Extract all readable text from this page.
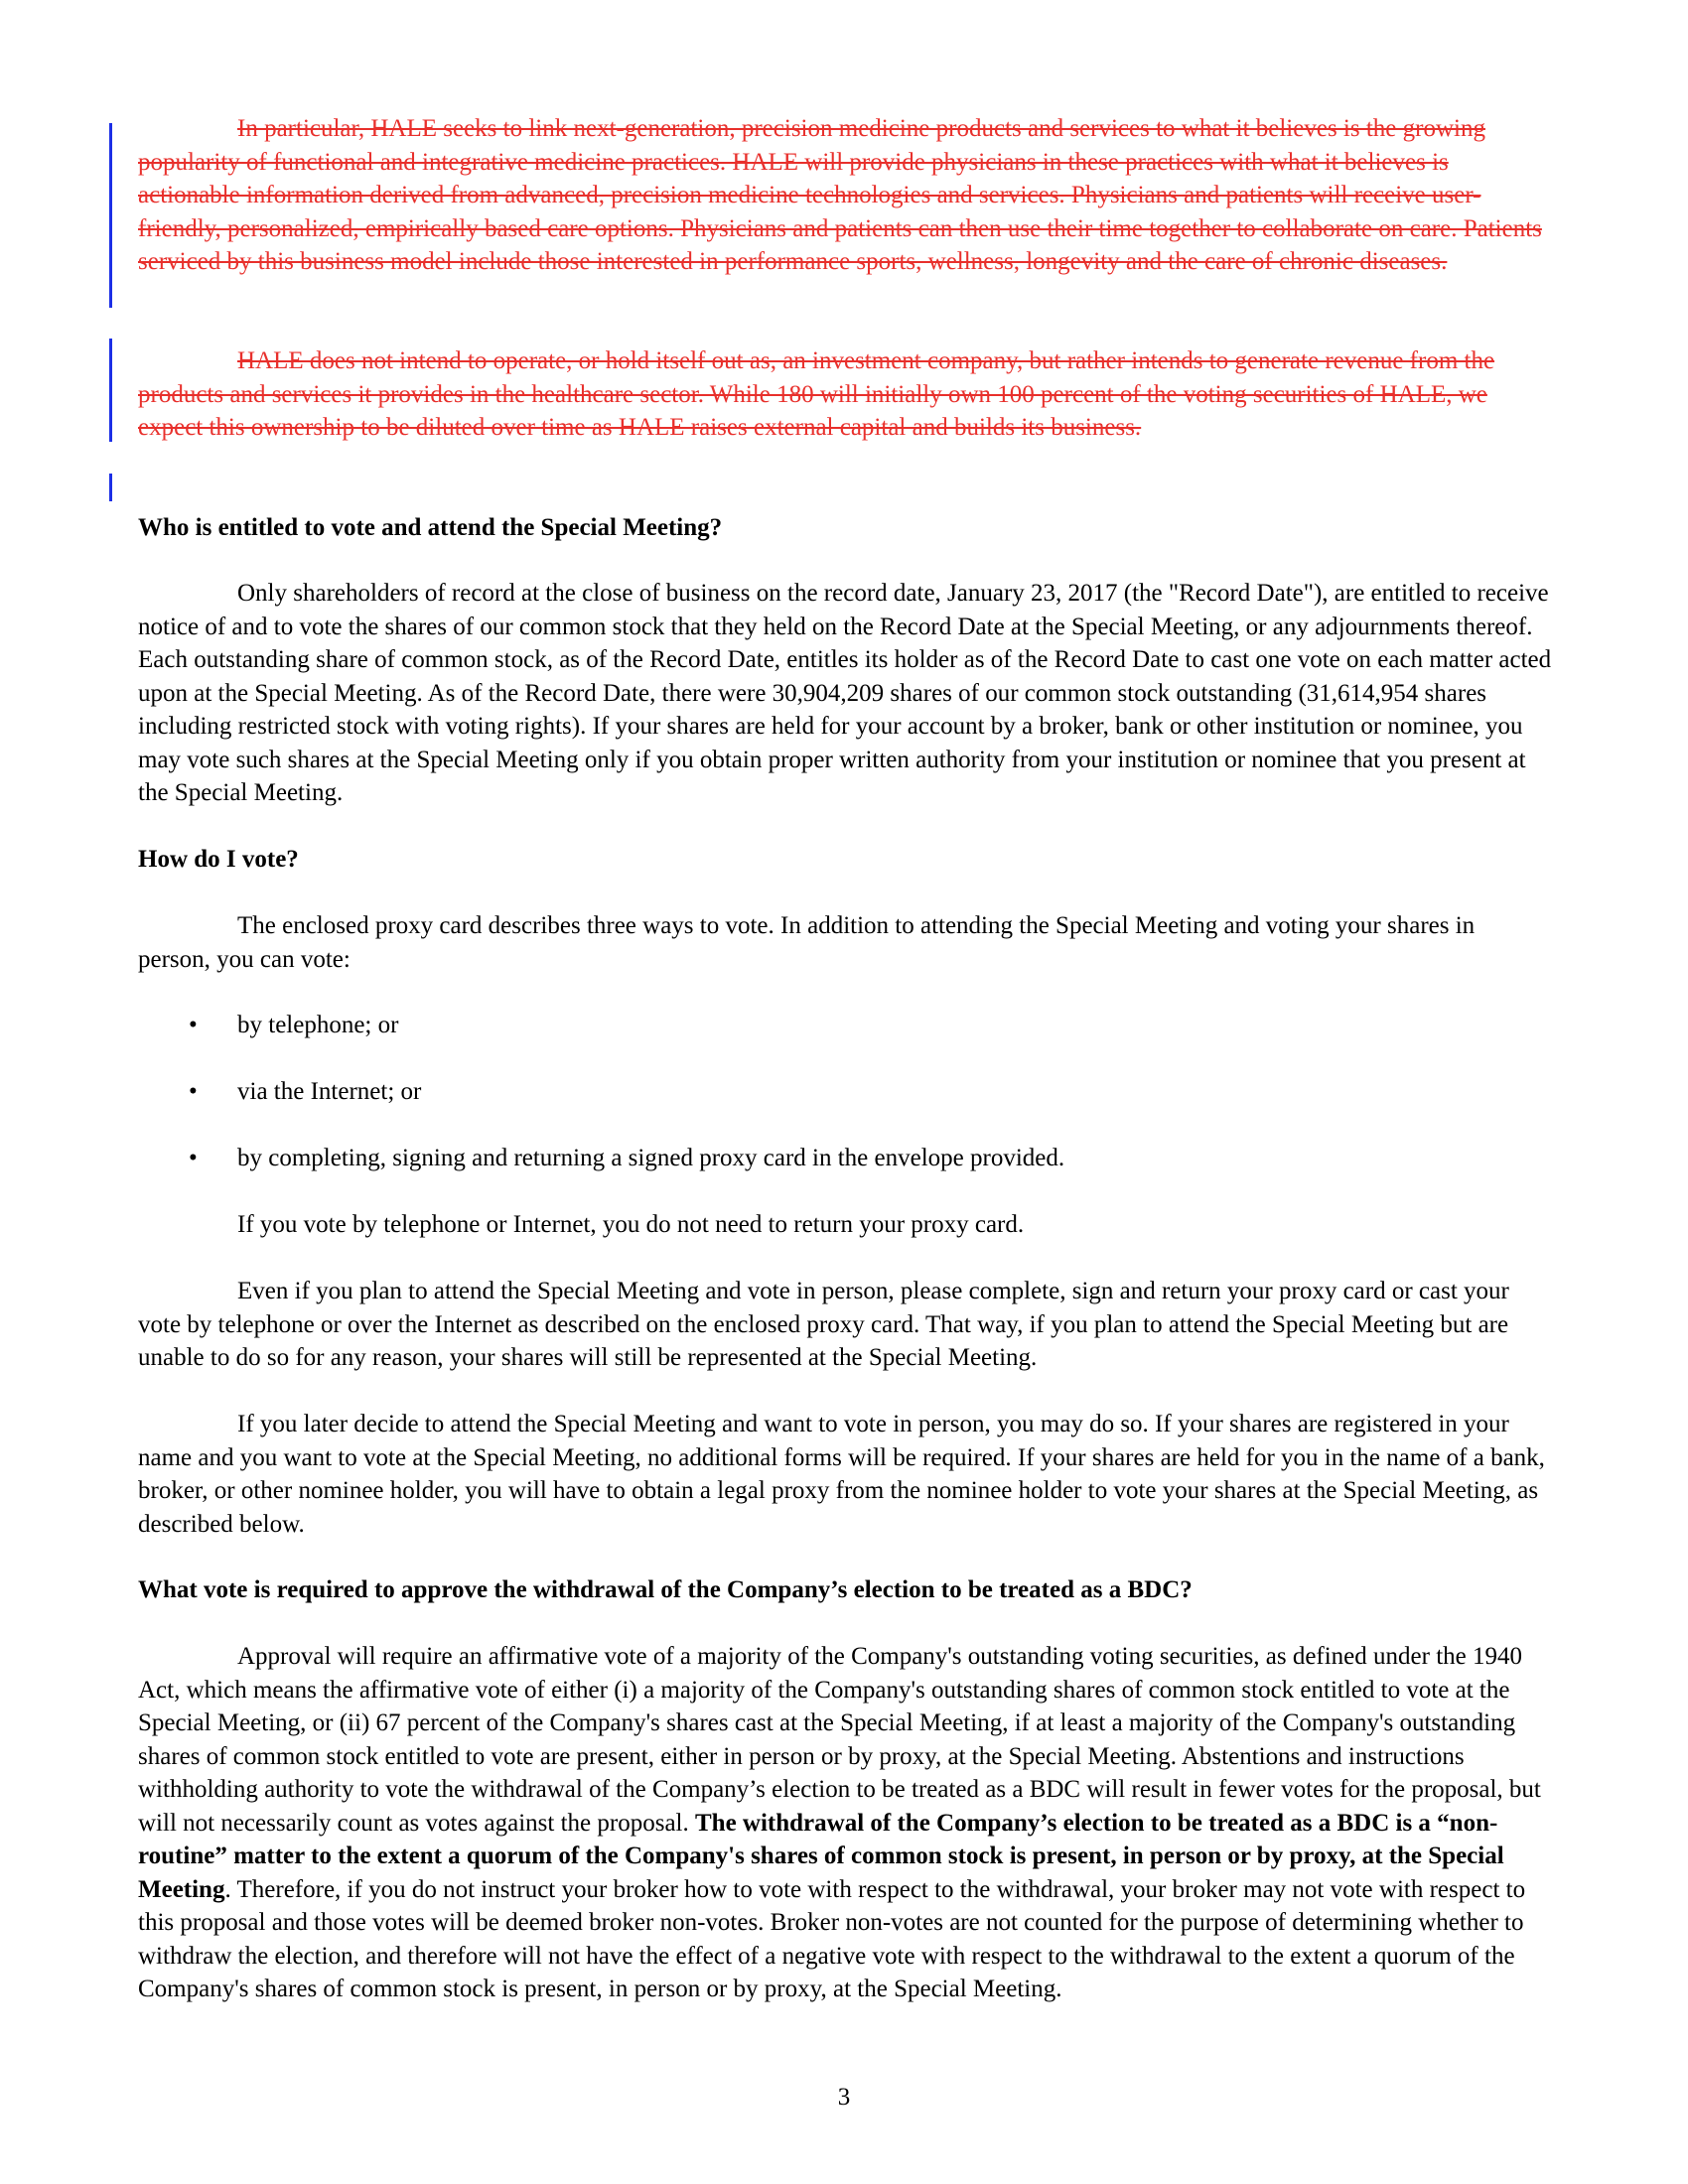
In particular, HALE seeks to link next-generation, precision medicine products and services to what it believes is the growing popularity of functional and integrative medicine practices. HALE will provide physicians in these practices with what it believes is actionable information derived from advanced, precision medicine technologies and services. Physicians and patients will receive user-friendly, personalized, empirically based care options. Physicians and patients can then use their time together to collaborate on care. Patients serviced by this business model include those interested in performance sports, wellness, longevity and the care of chronic diseases.

HALE does not intend to operate, or hold itself out as, an investment company, but rather intends to generate revenue from the products and services it provides in the healthcare sector. While 180 will initially own 100 percent of the voting securities of HALE, we expect this ownership to be diluted over time as HALE raises external capital and builds its business.

Who is entitled to vote and attend the Special Meeting?

Only shareholders of record at the close of business on the record date, January 23, 2017 (the "Record Date"), are entitled to receive notice of and to vote the shares of our common stock that they held on the Record Date at the Special Meeting, or any adjournments thereof. Each outstanding share of common stock, as of the Record Date, entitles its holder as of the Record Date to cast one vote on each matter acted upon at the Special Meeting. As of the Record Date, there were 30,904,209 shares of our common stock outstanding (31,614,954 shares including restricted stock with voting rights). If your shares are held for your account by a broker, bank or other institution or nominee, you may vote such shares at the Special Meeting only if you obtain proper written authority from your institution or nominee that you present at the Special Meeting.

How do I vote?

The enclosed proxy card describes three ways to vote. In addition to attending the Special Meeting and voting your shares in person, you can vote:

• by telephone; or
• via the Internet; or
• by completing, signing and returning a signed proxy card in the envelope provided.

If you vote by telephone or Internet, you do not need to return your proxy card.

Even if you plan to attend the Special Meeting and vote in person, please complete, sign and return your proxy card or cast your vote by telephone or over the Internet as described on the enclosed proxy card. That way, if you plan to attend the Special Meeting but are unable to do so for any reason, your shares will still be represented at the Special Meeting.

If you later decide to attend the Special Meeting and want to vote in person, you may do so. If your shares are registered in your name and you want to vote at the Special Meeting, no additional forms will be required. If your shares are held for you in the name of a bank, broker, or other nominee holder, you will have to obtain a legal proxy from the nominee holder to vote your shares at the Special Meeting, as described below.

What vote is required to approve the withdrawal of the Company’s election to be treated as a BDC?

Approval will require an affirmative vote of a majority of the Company's outstanding voting securities, as defined under the 1940 Act, which means the affirmative vote of either (i) a majority of the Company's outstanding shares of common stock entitled to vote at the Special Meeting, or (ii) 67 percent of the Company's shares cast at the Special Meeting, if at least a majority of the Company's outstanding shares of common stock entitled to vote are present, either in person or by proxy, at the Special Meeting. Abstentions and instructions withholding authority to vote the withdrawal of the Company’s election to be treated as a BDC will result in fewer votes for the proposal, but will not necessarily count as votes against the proposal. The withdrawal of the Company’s election to be treated as a BDC is a “non-routine” matter to the extent a quorum of the Company's shares of common stock is present, in person or by proxy, at the Special Meeting. Therefore, if you do not instruct your broker how to vote with respect to the withdrawal, your broker may not vote with respect to this proposal and those votes will be deemed broker non-votes. Broker non-votes are not counted for the purpose of determining whether to withdraw the election, and therefore will not have the effect of a negative vote with respect to the withdrawal to the extent a quorum of the Company's shares of common stock is present, in person or by proxy, at the Special Meeting.

3
